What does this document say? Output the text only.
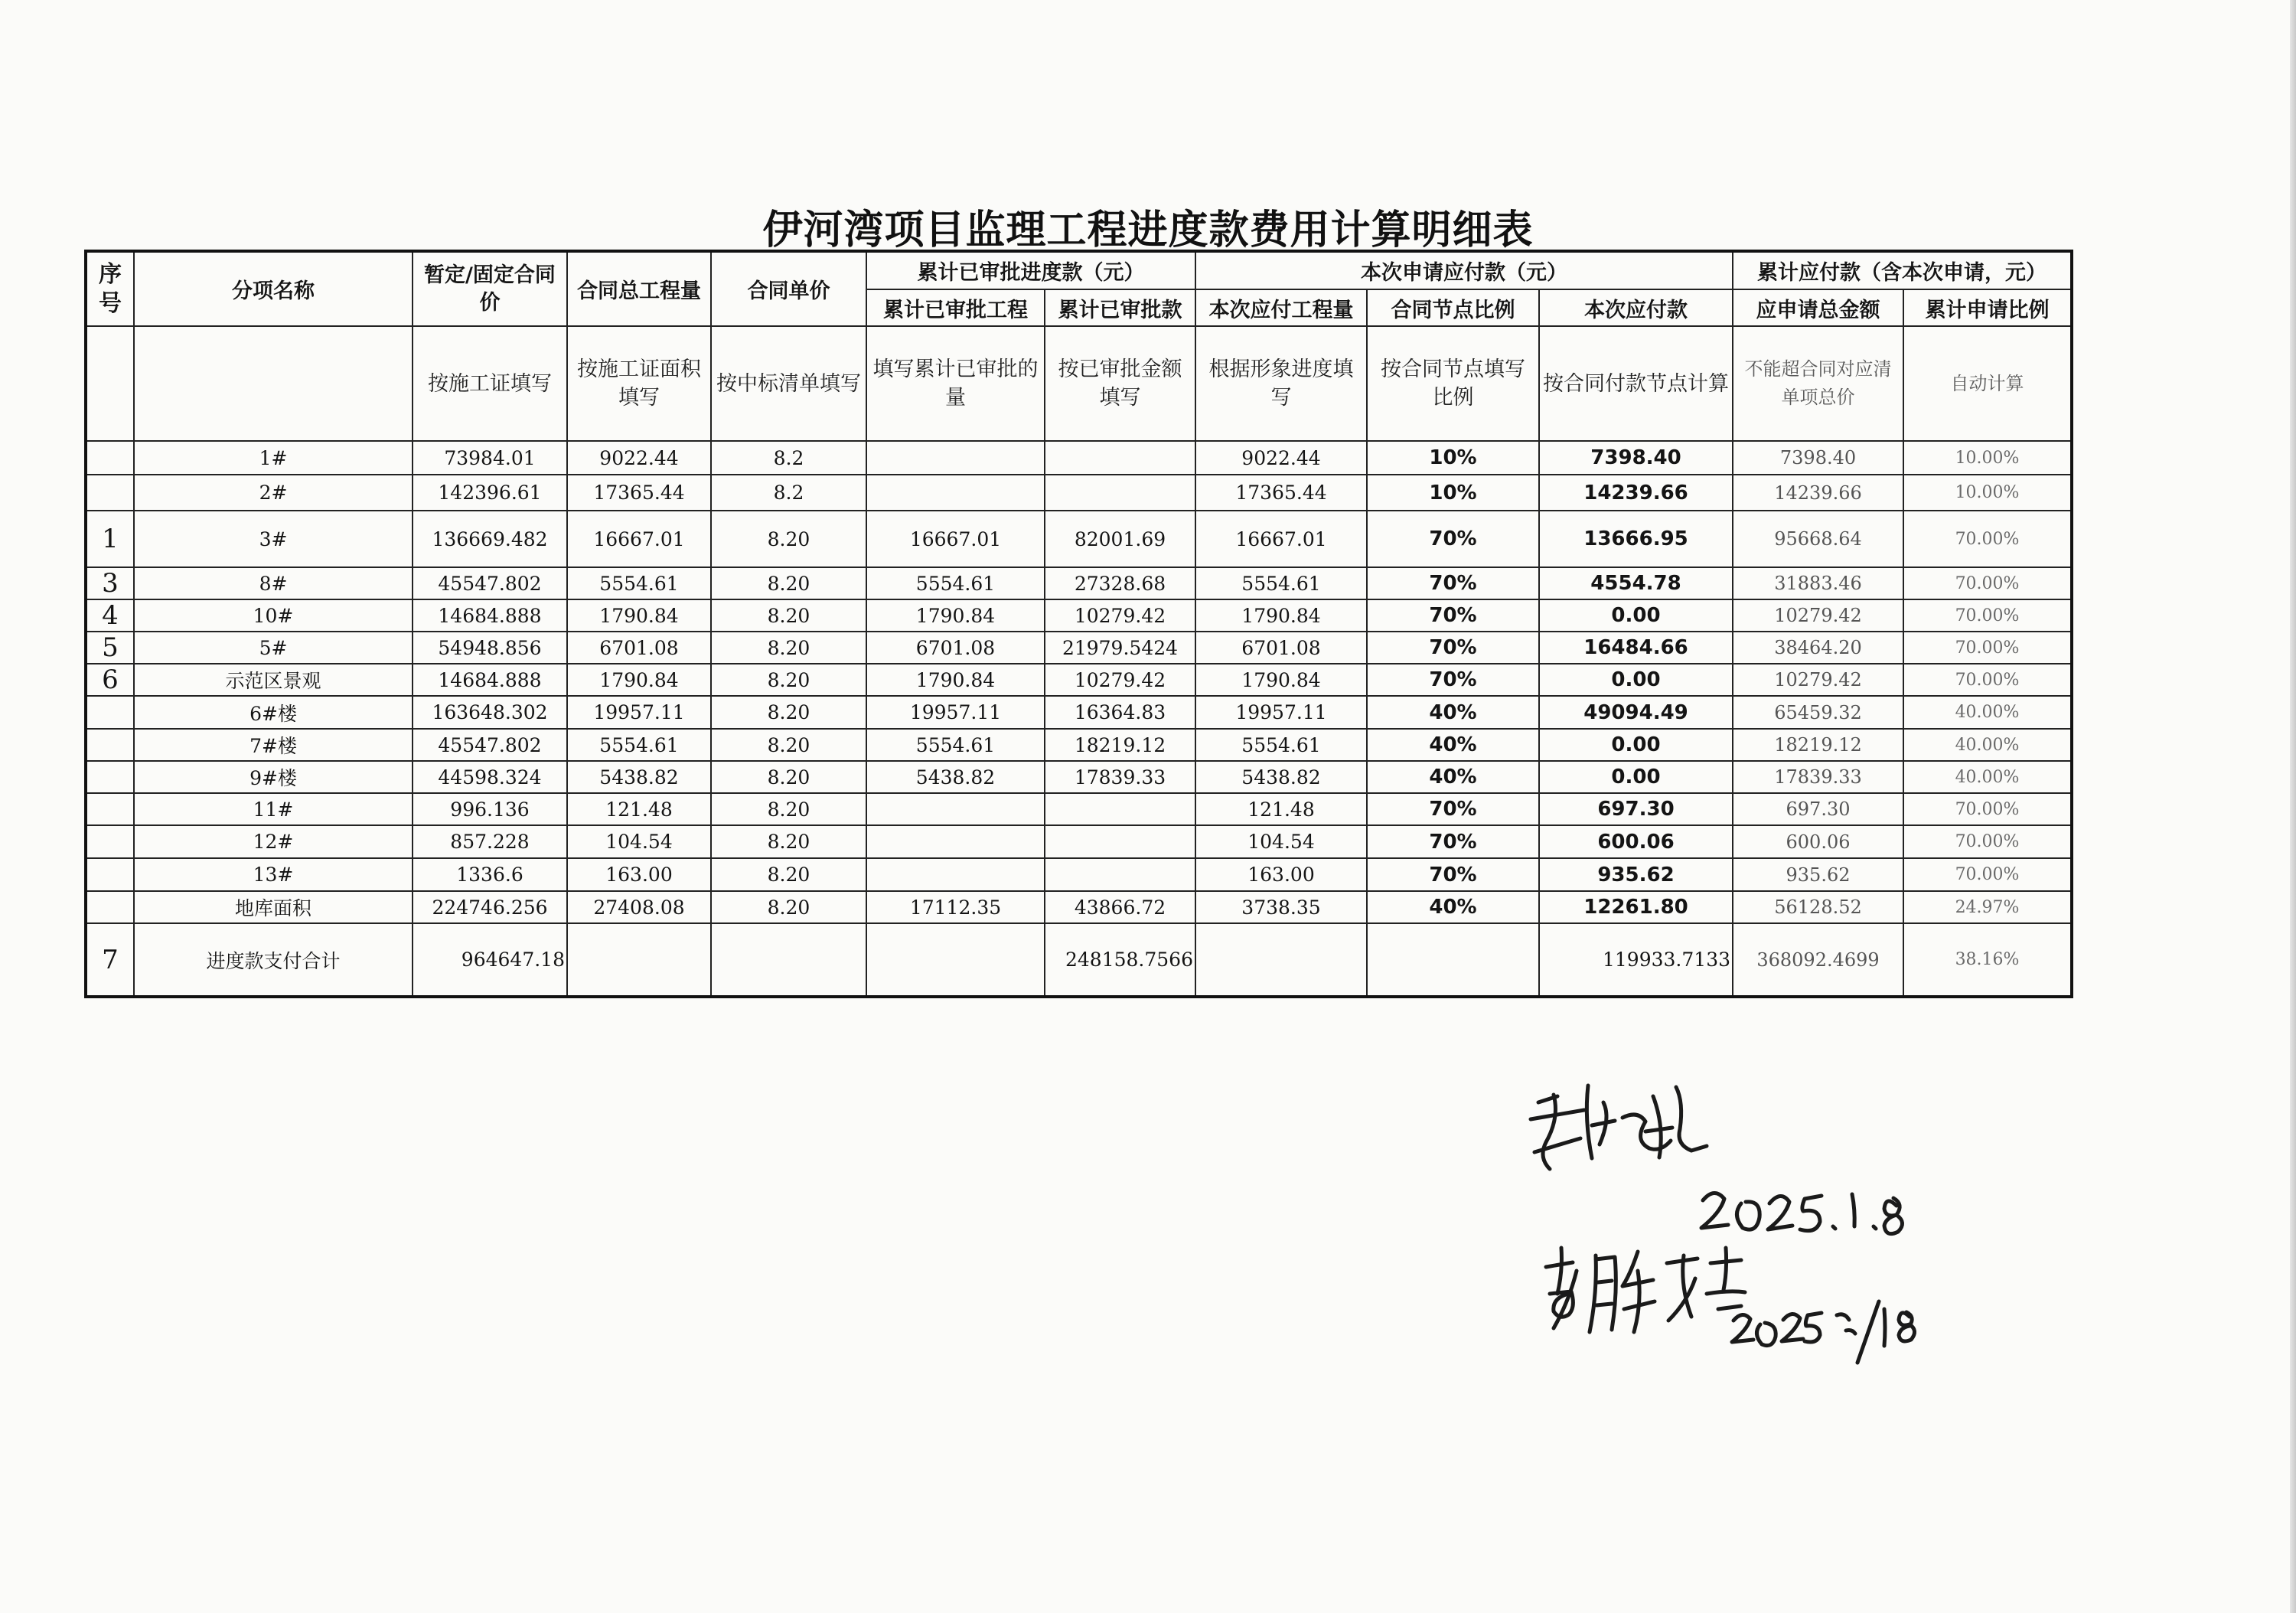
伊河湾项目监理工程进度款费用计算明细表
序
号	分项名称	暂定/固定合同价	合同总工程量	合同单价	累计已审批进度款（元）		本次申请应付款（元）			累计应付款（含本次申请，元）	
					累计已审批工程	累计已审批款	本次应付工程量	合同节点比例	本次应付款	应申请总金额	累计申请比例
		按施工证填写	按施工证面积填写	按中标清单填写	填写累计已审批的量	按已审批金额填写	根据形象进度填写	按合同节点填写比例	按合同付款节点计算	不能超合同对应清单项总价	自动计算
	1#	73984.01	9022.44	8.2			9022.44	10%	7398.40	7398.40	10.00%
	2#	142396.61	17365.44	8.2			17365.44	10%	14239.66	14239.66	10.00%
1	3#	136669.482	16667.01	8.20	16667.01	82001.69	16667.01	70%	13666.95	95668.64	70.00%
3	8#	45547.802	5554.61	8.20	5554.61	27328.68	5554.61	70%	4554.78	31883.46	70.00%
4	10#	14684.888	1790.84	8.20	1790.84	10279.42	1790.84	70%	0.00	10279.42	70.00%
5	5#	54948.856	6701.08	8.20	6701.08	21979.5424	6701.08	70%	16484.66	38464.20	70.00%
6	示范区景观	14684.888	1790.84	8.20	1790.84	10279.42	1790.84	70%	0.00	10279.42	70.00%
	6#楼	163648.302	19957.11	8.20	19957.11	16364.83	19957.11	40%	49094.49	65459.32	40.00%
	7#楼	45547.802	5554.61	8.20	5554.61	18219.12	5554.61	40%	0.00	18219.12	40.00%
	9#楼	44598.324	5438.82	8.20	5438.82	17839.33	5438.82	40%	0.00	17839.33	40.00%
	11#	996.136	121.48	8.20			121.48	70%	697.30	697.30	70.00%
	12#	857.228	104.54	8.20			104.54	70%	600.06	600.06	70.00%
	13#	1336.6	163.00	8.20			163.00	70%	935.62	935.62	70.00%
	地库面积	224746.256	27408.08	8.20	17112.35	43866.72	3738.35	40%	12261.80	56128.52	24.97%
7	进度款支付合计	964647.18				248158.7566			119933.7133	368092.4699	38.16%
